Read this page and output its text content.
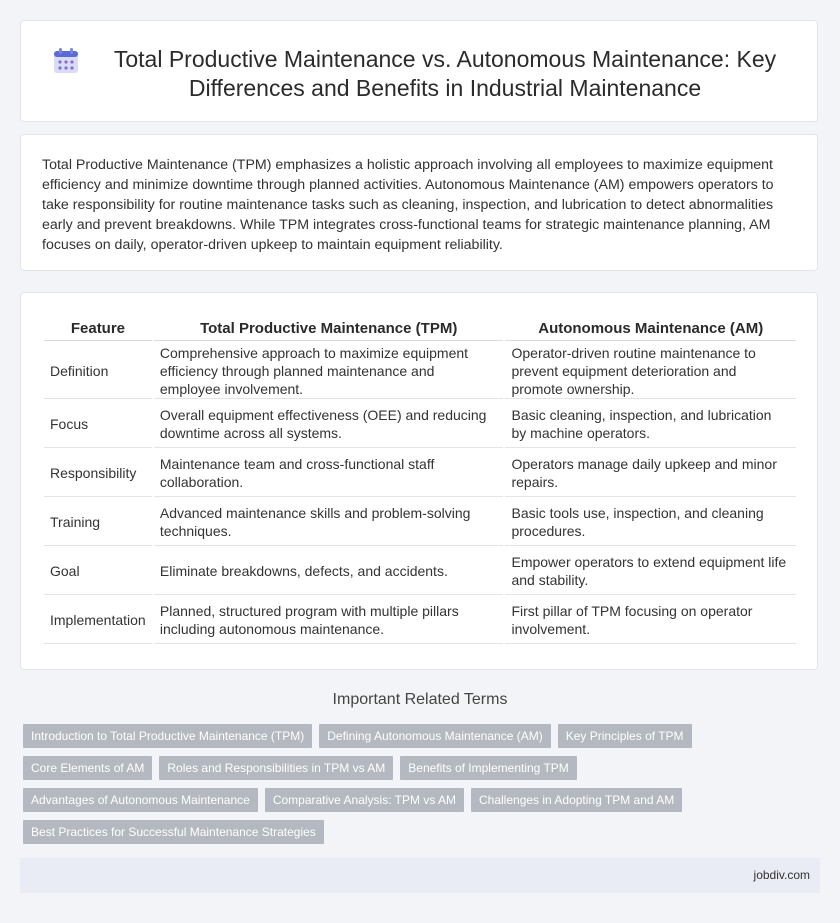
Total Productive Maintenance vs. Autonomous Maintenance: Key Differences and Benefits in Industrial Maintenance

Total Productive Maintenance (TPM) emphasizes a holistic approach involving all employees to maximize equipment efficiency and minimize downtime through planned activities. Autonomous Maintenance (AM) empowers operators to take responsibility for routine maintenance tasks such as cleaning, inspection, and lubrication to detect abnormalities early and prevent breakdowns. While TPM integrates cross-functional teams for strategic maintenance planning, AM focuses on daily, operator-driven upkeep to maintain equipment reliability.

Feature	Total Productive Maintenance (TPM)	Autonomous Maintenance (AM)
Definition	Comprehensive approach to maximize equipment efficiency through planned maintenance and employee involvement.	Operator-driven routine maintenance to prevent equipment deterioration and promote ownership.
Focus	Overall equipment effectiveness (OEE) and reducing downtime across all systems.	Basic cleaning, inspection, and lubrication by machine operators.
Responsibility	Maintenance team and cross-functional staff collaboration.	Operators manage daily upkeep and minor repairs.
Training	Advanced maintenance skills and problem-solving techniques.	Basic tools use, inspection, and cleaning procedures.
Goal	Eliminate breakdowns, defects, and accidents.	Empower operators to extend equipment life and stability.
Implementation	Planned, structured program with multiple pillars including autonomous maintenance.	First pillar of TPM focusing on operator involvement.
Important Related Terms
Introduction to Total Productive Maintenance (TPM)	Defining Autonomous Maintenance (AM)	Key Principles of TPM
Core Elements of AM	Roles and Responsibilities in TPM vs AM	Benefits of Implementing TPM
Advantages of Autonomous Maintenance	Comparative Analysis: TPM vs AM	Challenges in Adopting TPM and AM
Best Practices for Successful Maintenance Strategies
jobdiv.com
